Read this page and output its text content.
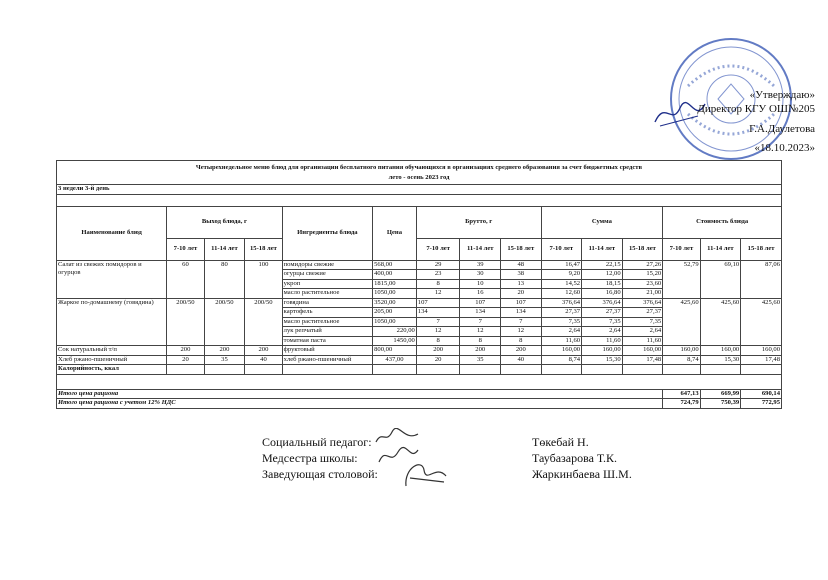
«Утверждаю»
Директор КГУ ОШ№205
Г.А.Даулетова
«18.10.2023»
Четырехнедельное меню блюд для организации бесплатного питания обучающихся в организациях среднего образования за счет бюджетных средств
лето - осень 2023 год
3 недели 3-й день														

Наименование блюд	Выход блюда, г			Ингредиенты блюда	Цена	Брутто, г			Сумма			Стоимость блюда		
	7-10 лет	11-14 лет	15-18 лет			7-10 лет	11-14 лет	15-18 лет	7-10 лет	11-14 лет	15-18 лет	7-10 лет	11-14 лет	15-18 лет
Салат из свежих помидоров и огурцов	60	80	100	помидоры свежие	568,00	29	39	48	16,47	22,15	27,26	52,79	69,10	87,06
				огурцы свежие	400,00	23	30	38	9,20	12,00	15,20			
				укроп	1815,00	8	10	13	14,52	18,15	23,60			
				масло растительное	1050,00	12	16	20	12,60	16,80	21,00			
Жаркое по-домашнему (говядина)	200/50	200/50	200/50	говядина	3520,00	107	107	107	376,64	376,64	376,64	425,60	425,60	425,60
				картофель	205,00	134	134	134	27,37	27,37	27,37			
				масло растительное	1050,00	7	7	7	7,35	7,35	7,35			
				лук репчатый	220,00	12	12	12	2,64	2,64	2,64			
				томатная паста	1450,00	8	8	8	11,60	11,60	11,60			
Сок натуральный т/п	200	200	200	фруктовый	800,00	200	200	200	160,00	160,00	160,00	160,00	160,00	160,00
Хлеб ржано-пшеничный	20	35	40	хлеб ржано-пшеничный	437,00	20	35	40	8,74	15,30	17,48	8,74	15,30	17,48
Калорийность, ккал														

Итого цена рациона												647,13	669,99	690,14
Итого цена рациона с учетом 12% НДС												724,79	750,39	772,95
Социальный педагог:	Төкебай Н.
Медсестра школы:	Таубазарова Т.К.
Заведующая столовой:	Жаркинбаева Ш.М.
